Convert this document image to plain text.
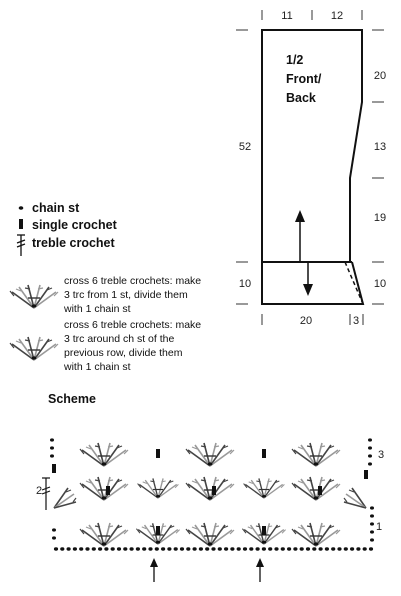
11	12
52
10
20
13
19
10
20	3
1/2
Front/
Back
chain st
single crochet
treble crochet
cross 6 treble crochets: make
3 trc from 1 st, divide them
with 1 chain st
cross 6 treble crochets: make
3 trc around ch st of the
previous row, divide them
with 1 chain st
Scheme
3
2
1
